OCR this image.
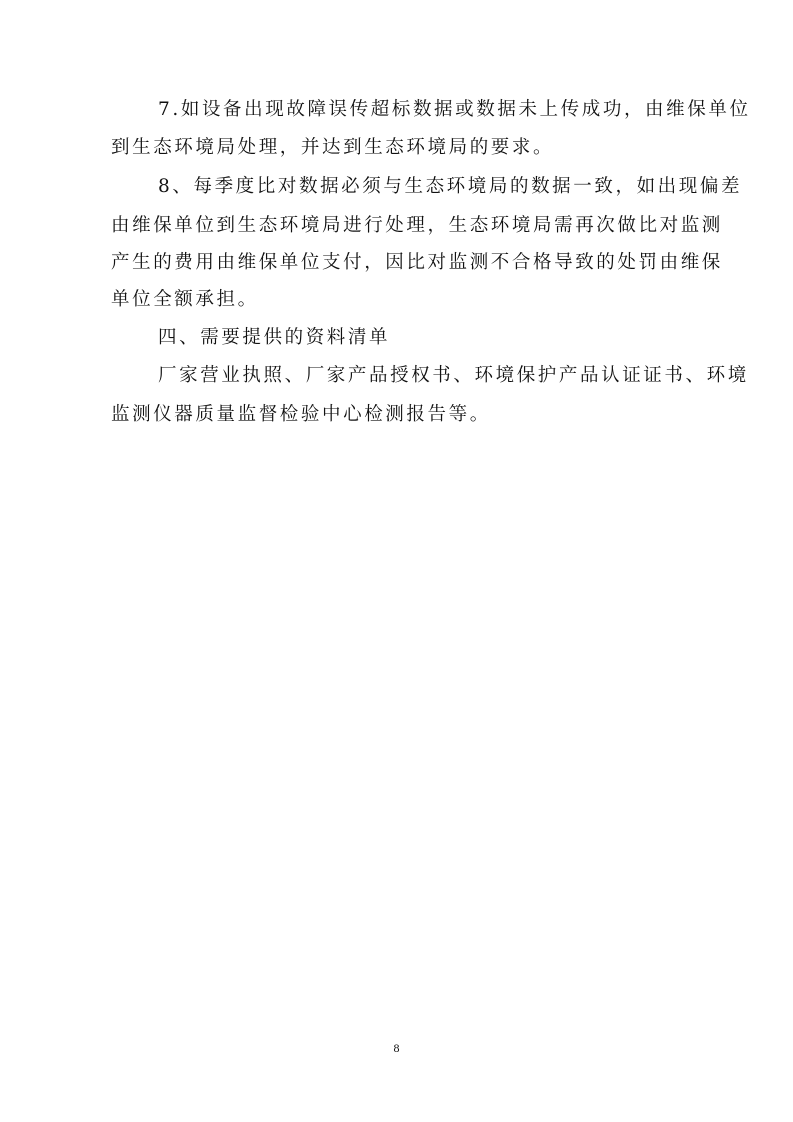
7.如设备出现故障误传超标数据或数据未上传成功，由维保单位
到生态环境局处理，并达到生态环境局的要求。
8、每季度比对数据必须与生态环境局的数据一致，如出现偏差
由维保单位到生态环境局进行处理，生态环境局需再次做比对监测
产生的费用由维保单位支付，因比对监测不合格导致的处罚由维保
单位全额承担。
四、需要提供的资料清单
厂家营业执照、厂家产品授权书、环境保护产品认证证书、环境
监测仪器质量监督检验中心检测报告等。
8
